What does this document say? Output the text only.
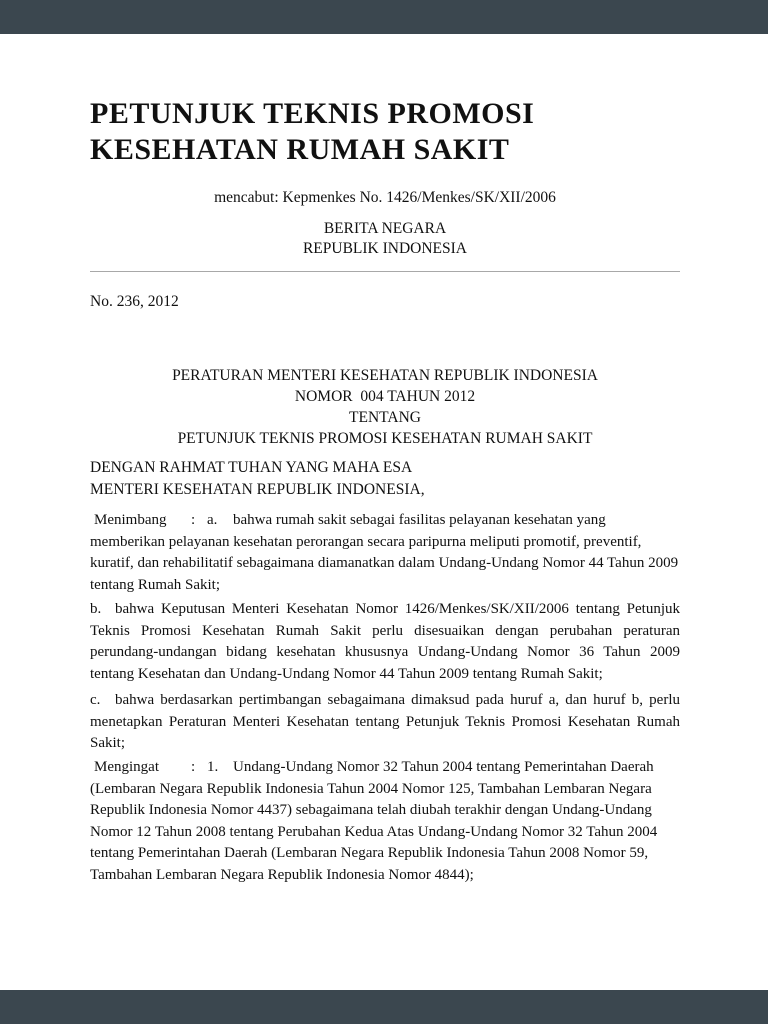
PETUNJUK TEKNIS PROMOSI
KESEHATAN RUMAH SAKIT
mencabut: Kepmenkes No. 1426/Menkes/SK/XII/2006
BERITA NEGARA
REPUBLIK INDONESIA
No. 236, 2012
PERATURAN MENTERI KESEHATAN REPUBLIK INDONESIA
NOMOR  004 TAHUN 2012
TENTANG
PETUNJUK TEKNIS PROMOSI KESEHATAN RUMAH SAKIT
DENGAN RAHMAT TUHAN YANG MAHA ESA
MENTERI KESEHATAN REPUBLIK INDONESIA,

Menimbang : a. bahwa rumah sakit sebagai fasilitas pelayanan kesehatan yang memberikan pelayanan kesehatan perorangan secara paripurna meliputi promotif, preventif, kuratif, dan rehabilitatif sebagaimana diamanatkan dalam Undang-Undang Nomor 44 Tahun 2009 tentang Rumah Sakit;

b. bahwa Keputusan Menteri Kesehatan Nomor 1426/Menkes/SK/XII/2006 tentang Petunjuk Teknis Promosi Kesehatan Rumah Sakit perlu disesuaikan dengan perubahan peraturan perundang-undangan bidang kesehatan khususnya Undang-Undang Nomor 36 Tahun 2009 tentang Kesehatan dan Undang-Undang Nomor 44 Tahun 2009 tentang Rumah Sakit;

c. bahwa berdasarkan pertimbangan sebagaimana dimaksud pada huruf a, dan huruf b, perlu menetapkan Peraturan Menteri Kesehatan tentang Petunjuk Teknis Promosi Kesehatan Rumah Sakit;

Mengingat : 1. Undang-Undang Nomor 32 Tahun 2004 tentang Pemerintahan Daerah (Lembaran Negara Republik Indonesia Tahun 2004 Nomor 125, Tambahan Lembaran Negara Republik Indonesia Nomor 4437) sebagaimana telah diubah terakhir dengan Undang-Undang Nomor 12 Tahun 2008 tentang Perubahan Kedua Atas Undang-Undang Nomor 32 Tahun 2004 tentang Pemerintahan Daerah (Lembaran Negara Republik Indonesia Tahun 2008 Nomor 59, Tambahan Lembaran Negara Republik Indonesia Nomor 4844);
